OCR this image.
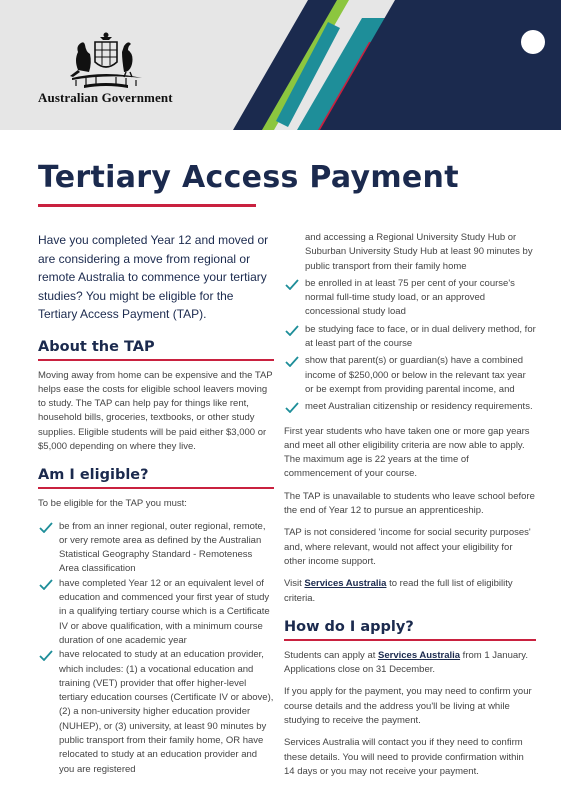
Australian Government
Tertiary Access Payment

Have you completed Year 12 and moved or are considering a move from regional or remote Australia to commence your tertiary studies? You might be eligible for the Tertiary Access Payment (TAP).

About the TAP

Moving away from home can be expensive and the TAP helps ease the costs for eligible school leavers moving to study. The TAP can help pay for things like rent, household bills, groceries, textbooks, or other study supplies. Eligible students will be paid either $3,000 or $5,000 depending on where they live.

Am I eligible?

To be eligible for the TAP you must:

be from an inner regional, outer regional, remote, or very remote area as defined by the Australian Statistical Geography Standard - Remoteness Area classification
have completed Year 12 or an equivalent level of education and commenced your first year of study in a qualifying tertiary course which is a Certificate IV or above qualification, with a minimum course duration of one academic year
have relocated to study at an education provider, which includes: (1) a vocational education and training (VET) provider that offer higher-level tertiary education courses (Certificate IV or above), (2) a non-university higher education provider (NUHEP), or (3) university, at least 90 minutes by public transport from their family home, OR have relocated to study at an education provider and you are registered

and accessing a Regional University Study Hub or Suburban University Study Hub at least 90 minutes by public transport from their family home

be enrolled in at least 75 per cent of your course's normal full-time study load, or an approved concessional study load
be studying face to face, or in dual delivery method, for at least part of the course
show that parent(s) or guardian(s) have a combined income of $250,000 or below in the relevant tax year or be exempt from providing parental income, and
meet Australian citizenship or residency requirements.

First year students who have taken one or more gap years and meet all other eligibility criteria are now able to apply. The maximum age is 22 years at the time of commencement of your course.

The TAP is unavailable to students who leave school before the end of Year 12 to pursue an apprenticeship.

TAP is not considered 'income for social security purposes' and, where relevant, would not affect your eligibility for other income support.

Visit Services Australia to read the full list of eligibility criteria.

How do I apply?

Students can apply at Services Australia from 1 January. Applications close on 31 December.

If you apply for the payment, you may need to confirm your course details and the address you'll be living at while studying to receive the payment.

Services Australia will contact you if they need to confirm these details. You will need to provide confirmation within 14 days or you may not receive your payment.
